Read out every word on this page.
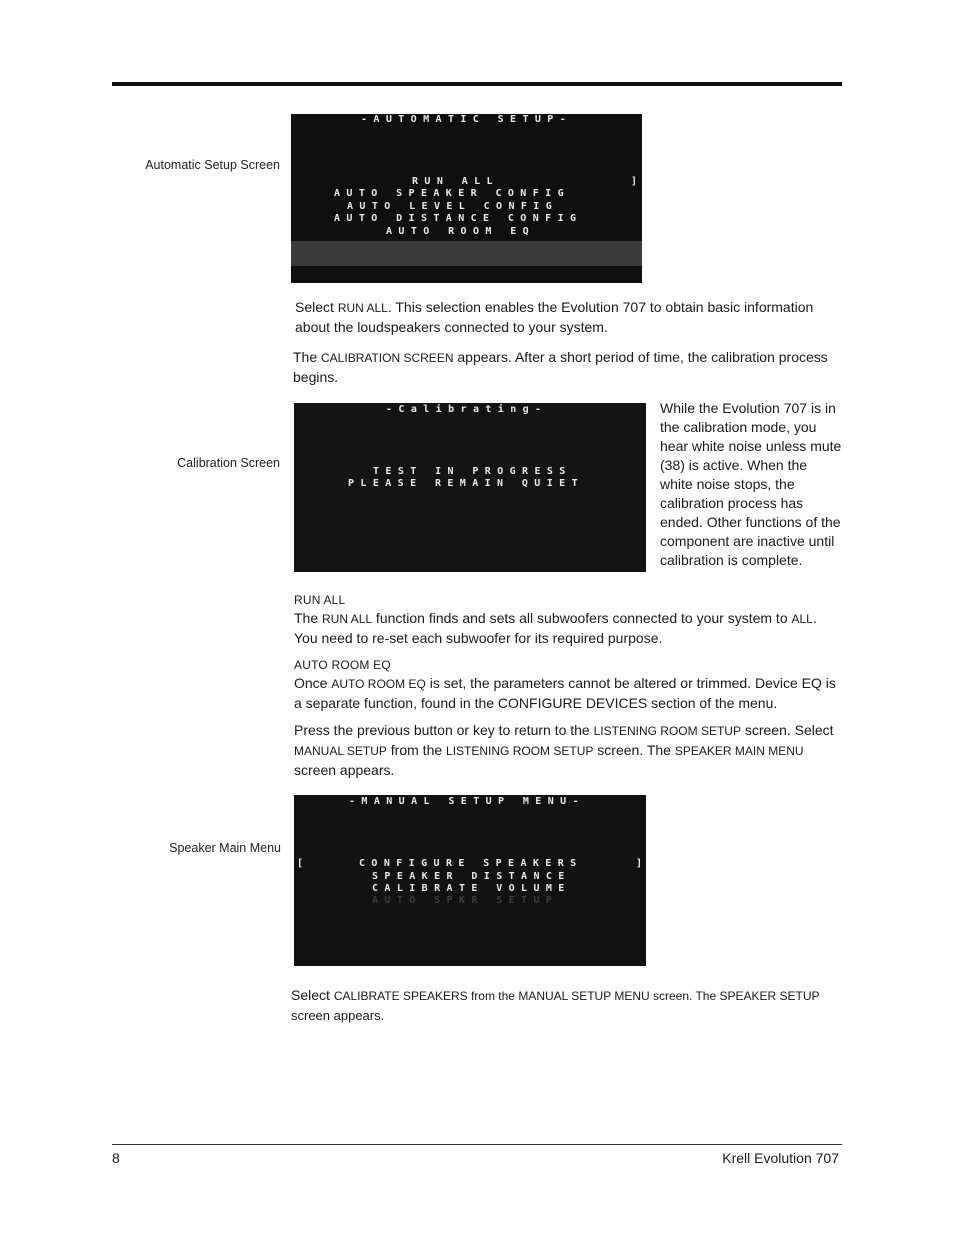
Automatic Setup Screen
-AUTOMATIC SETUP-
RUN ALL	]
AUTO SPEAKER CONFIG
AUTO LEVEL CONFIG
AUTO DISTANCE CONFIG
AUTO ROOM EQ
Select RUN ALL. This selection enables the Evolution 707 to obtain basic information about the loudspeakers connected to your system.
The CALIBRATION SCREEN appears. After a short period of time, the calibration process begins.
Calibration Screen
-Calibrating-
TEST IN PROGRESS
PLEASE REMAIN QUIET
While the Evolution 707 is in the calibration mode, you hear white noise unless mute (38) is active. When the white noise stops, the calibration process has ended. Other functions of the component are inactive until calibration is complete.
RUN ALL
The RUN ALL function finds and sets all subwoofers connected to your system to ALL. You need to re-set each subwoofer for its required purpose.
AUTO ROOM EQ
Once AUTO ROOM EQ is set, the parameters cannot be altered or trimmed. Device EQ is a separate function, found in the CONFIGURE DEVICES section of the menu.
Press the previous button or key to return to the LISTENING ROOM SETUP screen. Select MANUAL SETUP from the LISTENING ROOM SETUP screen. The SPEAKER MAIN MENU screen appears.
Speaker Main Menu
-MANUAL SETUP MENU-
[	CONFIGURE SPEAKERS	]
SPEAKER DISTANCE
CALIBRATE VOLUME
AUTO SPKR SETUP
Select CALIBRATE SPEAKERS from the MANUAL SETUP MENU screen. The SPEAKER SETUP
screen appears.
8	Krell Evolution 707
